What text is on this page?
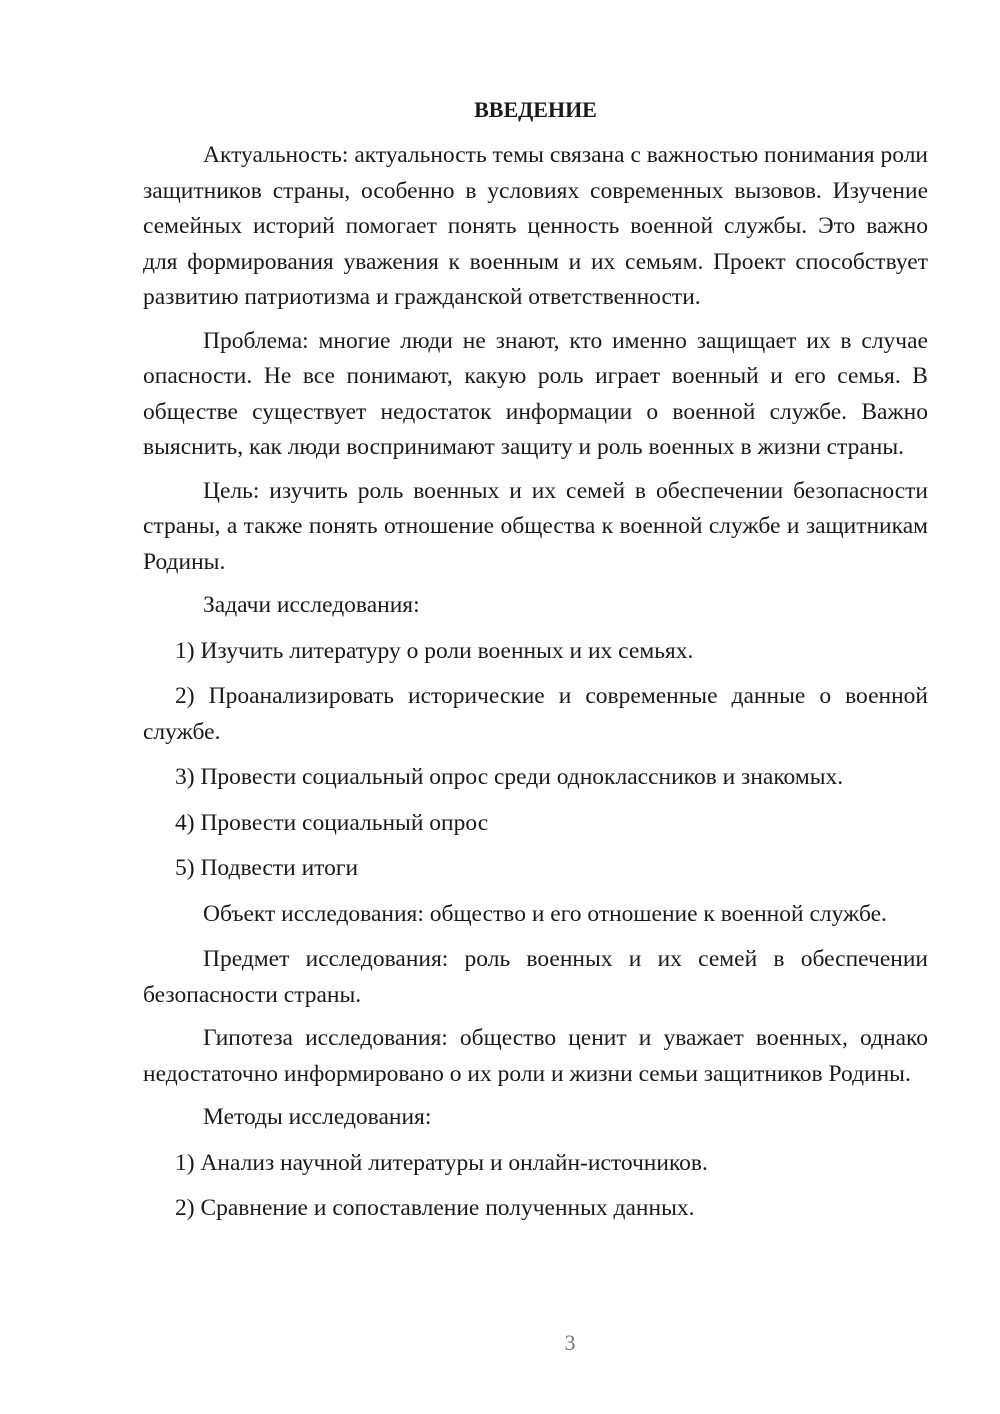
ВВЕДЕНИЕ

Актуальность: актуальность темы связана с важностью понимания роли защитников страны, особенно в условиях современных вызовов. Изучение семейных историй помогает понять ценность военной службы. Это важно для формирования уважения к военным и их семьям. Проект способствует развитию патриотизма и гражданской ответственности.

Проблема: многие люди не знают, кто именно защищает их в случае опасности. Не все понимают, какую роль играет военный и его семья. В обществе существует недостаток информации о военной службе. Важно выяснить, как люди воспринимают защиту и роль военных в жизни страны.

Цель: изучить роль военных и их семей в обеспечении безопасности страны, а также понять отношение общества к военной службе и защитникам Родины.

Задачи исследования:

1) Изучить литературу о роли военных и их семьях.

2) Проанализировать исторические и современные данные о военной службе.

3) Провести социальный опрос среди одноклассников и знакомых.

4) Провести социальный опрос

5) Подвести итоги

Объект исследования: общество и его отношение к военной службе.

Предмет исследования: роль военных и их семей в обеспечении безопасности страны.

Гипотеза исследования: общество ценит и уважает военных, однако недостаточно информировано о их роли и жизни семьи защитников Родины.

Методы исследования:

1) Анализ научной литературы и онлайн-источников.

2) Сравнение и сопоставление полученных данных.

3
